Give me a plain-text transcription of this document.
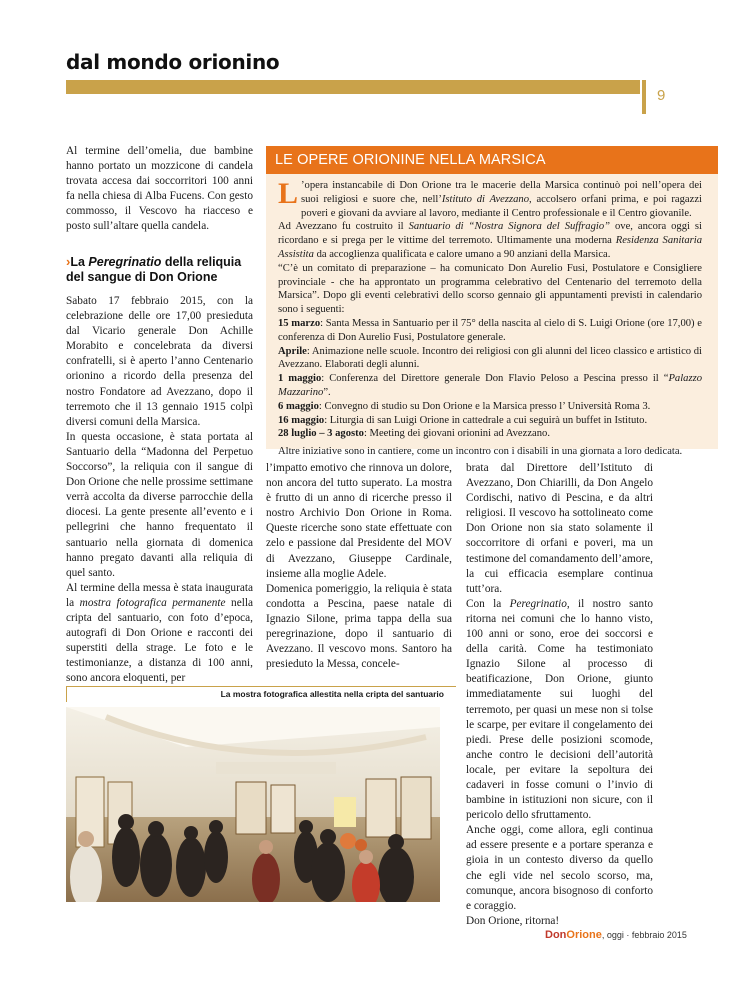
dal mondo orionino
9

Al termine dell’omelia, due bambine hanno portato un mozzicone di candela trovata accesa dai soccorritori 100 anni fa nella chiesa di Alba Fucens. Con gesto commosso, il Vescovo ha riacceso e posto sull’altare quella candela.

›La Peregrinatio della reliquia del sangue di Don Orione

Sabato 17 febbraio 2015, con la celebrazione delle ore 17,00 presieduta dal Vicario generale Don Achille Morabito e concelebrata da diversi confratelli, si è aperto l’anno Centenario orionino a ricordo della presenza del nostro Fondatore ad Avezzano, dopo il terremoto che il 13 gennaio 1915 colpì diversi comuni della Marsica.

In questa occasione, è stata portata al Santuario della “Madonna del Perpetuo Soccorso”, la reliquia con il sangue di Don Orione che nelle prossime settimane verrà accolta da diverse parrocchie della diocesi. La gente presente all’evento e i pellegrini che hanno frequentato il santuario nella giornata di domenica hanno pregato davanti alla reliquia di quel santo.

Al termine della messa è stata inaugurata la mostra fotografica permanente nella cripta del santuario, con foto d’epoca, autografi di Don Orione e racconti dei superstiti della strage. Le foto e le testimonianze, a distanza di 100 anni, sono ancora eloquenti, per

LE OPERE ORIONINE NELLA MARSICA

L ’opera instancabile di Don Orione tra le macerie della Marsica continuò poi nell’opera dei suoi religiosi e suore che, nell’Istituto di Avezzano, accolsero orfani prima, e poi ragazzi poveri e giovani da avviare al lavoro, mediante il Centro professionale e il Centro giovanile.

Ad Avezzano fu costruito il Santuario di “Nostra Signora del Suffragio” ove, ancora oggi si ricordano e si prega per le vittime del terremoto. Ultimamente una moderna Residenza Sanitaria Assistita da accoglienza qualificata e calore umano a 90 anziani della Marsica.

“C’è un comitato di preparazione – ha comunicato Don Aurelio Fusi, Postulatore e Consigliere provinciale - che ha approntato un programma celebrativo del Centenario del terremoto della Marsica”. Dopo gli eventi celebrativi dello scorso gennaio gli appuntamenti previsti in calendario sono i seguenti:

15 marzo: Santa Messa in Santuario per il 75° della nascita al cielo di S. Luigi Orione (ore 17,00) e conferenza di Don Aurelio Fusi, Postulatore generale.

Aprile: Animazione nelle scuole. Incontro dei religiosi con gli alunni del liceo classico e artistico di Avezzano. Elaborati degli alunni.

1 maggio: Conferenza del Direttore generale Don Flavio Peloso a Pescina presso il “Palazzo Mazzarino”.

6 maggio: Convegno di studio su Don Orione e la Marsica presso l’ Università Roma 3.

16 maggio: Liturgia di san Luigi Orione in cattedrale a cui seguirà un buffet in Istituto.

28 luglio – 3 agosto: Meeting dei giovani orionini ad Avezzano.

Altre iniziative sono in cantiere, come un incontro con i disabili in una giornata a loro dedicata.

l’impatto emotivo che rinnova un dolore, non ancora del tutto superato. La mostra è frutto di un anno di ricerche presso il nostro Archivio Don Orione in Roma. Queste ricerche sono state effettuate con zelo e passione dal Presidente del MOV di Avezzano, Giuseppe Cardinale, insieme alla moglie Adele.

Domenica pomeriggio, la reliquia è stata condotta a Pescina, paese natale di Ignazio Silone, prima tappa della sua peregrinazione, dopo il santuario di Avezzano. Il vescovo mons. Santoro ha presieduto la Messa, concele-

brata dal Direttore dell’Istituto di Avezzano, Don Chiarilli, da Don Angelo Cordischi, nativo di Pescina, e da altri religiosi. Il vescovo ha sottolineato come Don Orione non sia stato solamente il soccorritore di orfani e poveri, ma un testimone del comandamento dell’amore, la cui efficacia esemplare continua tutt’ora.

Con la Peregrinatio, il nostro santo ritorna nei comuni che lo hanno visto, 100 anni or sono, eroe dei soccorsi e della carità. Come ha testimoniato Ignazio Silone al processo di beatificazione, Don Orione, giunto immediatamente sui luoghi del terremoto, per quasi un mese non si tolse le scarpe, per evitare il congelamento dei piedi. Prese delle posizioni scomode, anche contro le decisioni dell’autorità locale, per evitare la sepoltura dei cadaveri in fosse comuni o l’invio di bambine in istituzioni non sicure, con il pericolo dello sfruttamento.

Anche oggi, come allora, egli continua ad essere presente e a portare speranza e gioia in un contesto diverso da quello che egli vide nel secolo scorso, ma, comunque, ancora bisognoso di conforto e coraggio.

Don Orione, ritorna!

La mostra fotografica allestita nella cripta del santuario
DonOrione, oggi · febbraio 2015
